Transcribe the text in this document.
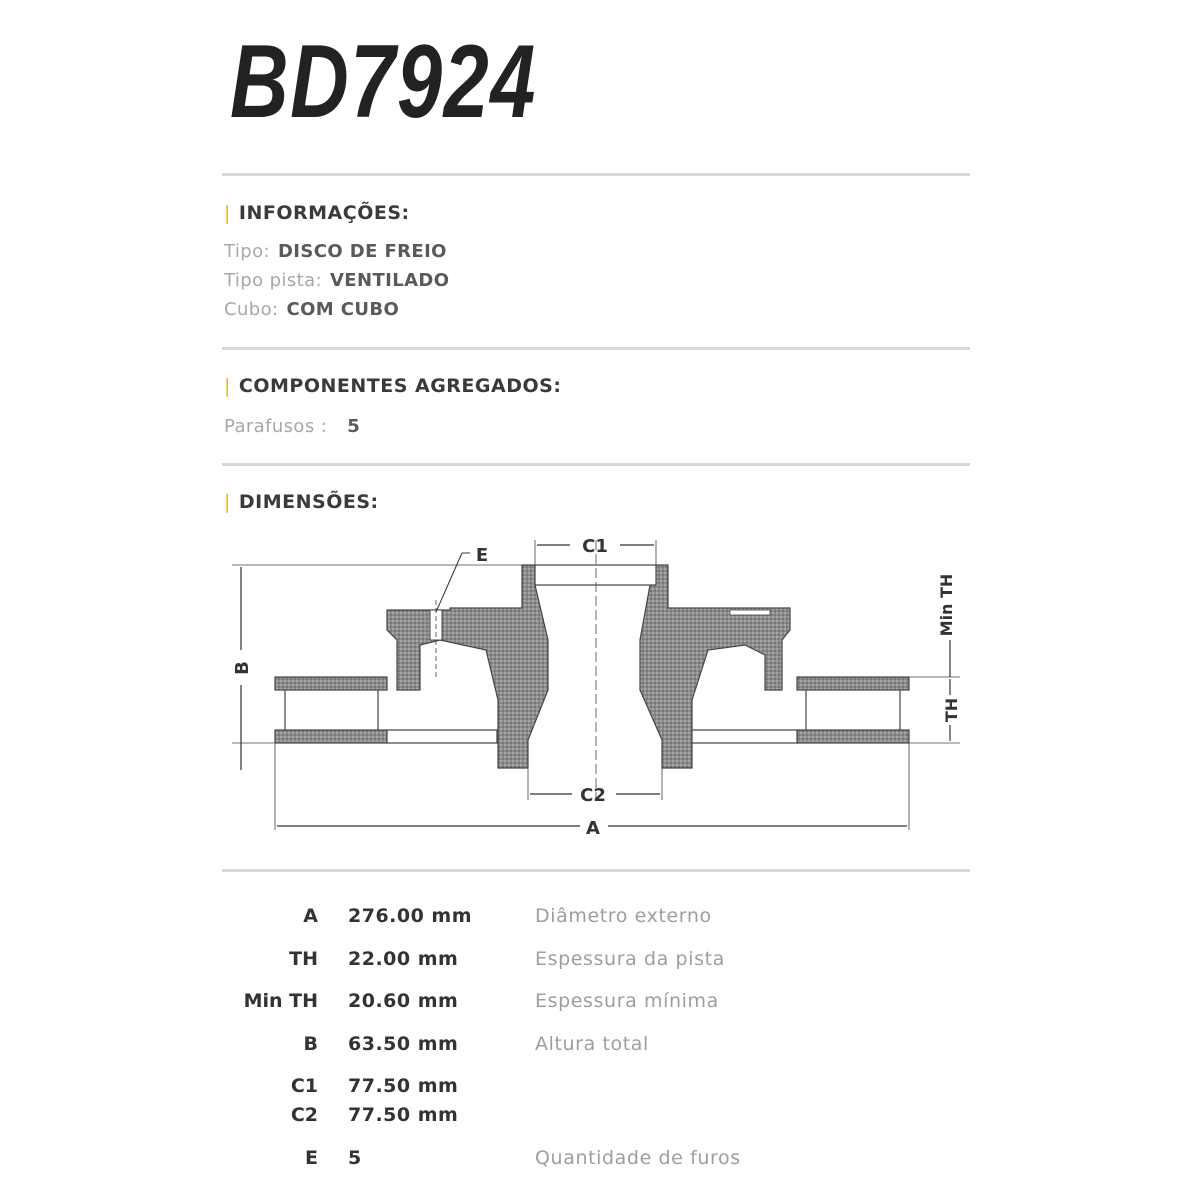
BD7924
| INFORMAÇÕES:
Tipo: DISCO DE FREIO
Tipo pista: VENTILADO
Cubo: COM CUBO
| COMPONENTES AGREGADOS:
Parafusos : 5
| DIMENSÕES:
C1
C2
A
B
E
Min TH
TH
A 276.00 mm	Diâmetro externo
TH 22.00 mm	Espessura da pista
Min TH 20.60 mm	Espessura mínima
B 63.50 mm	Altura total
C1 77.50 mm
C2 77.50 mm
E 5	Quantidade de furos
